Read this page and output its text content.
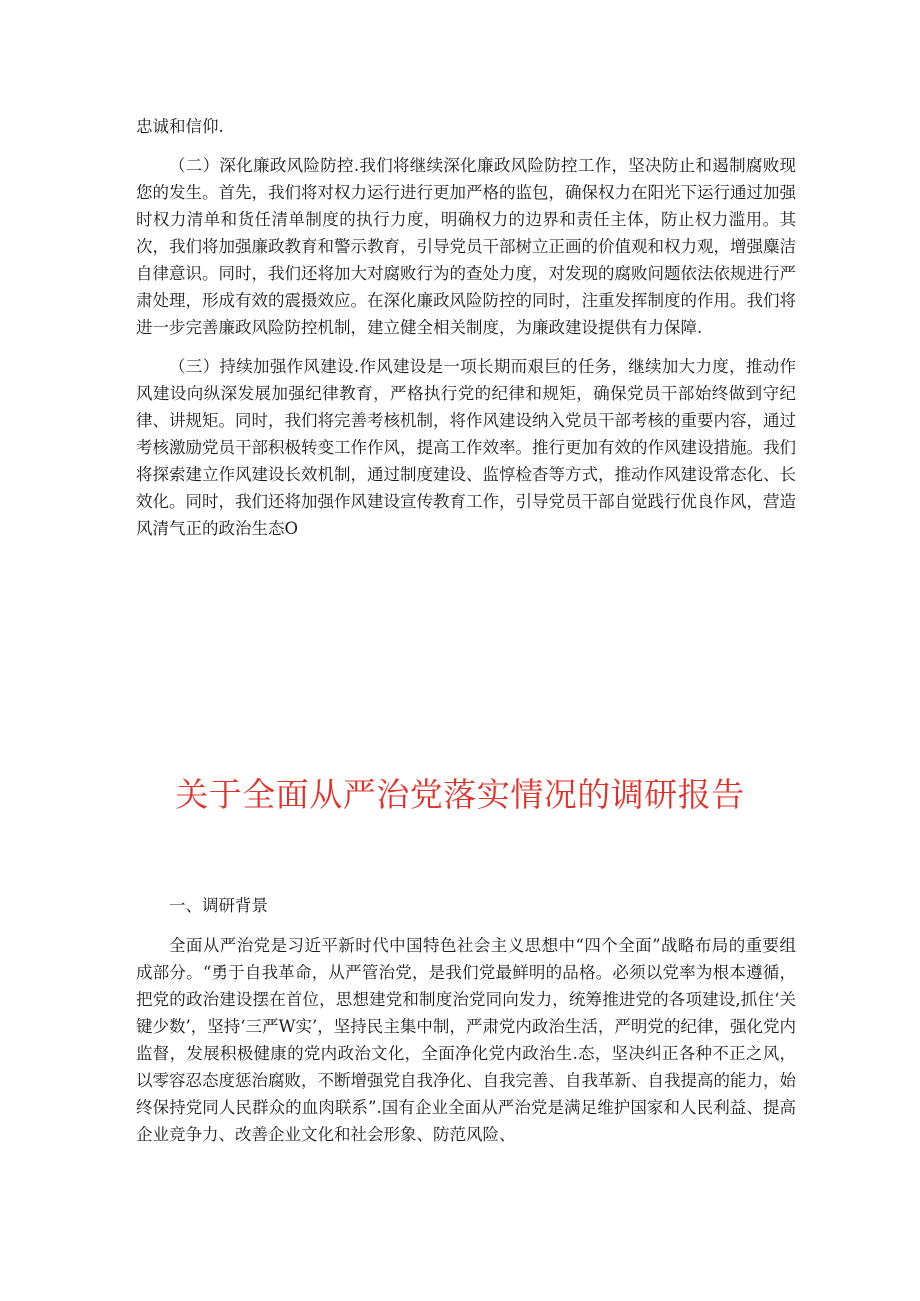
忠诚和信仰.

（二）深化廉政风险防控.我们将继续深化廉政风险防控工作，坚决防止和遏制腐败现您的发生。首先，我们将对权力运行进行更加严格的监包，确保权力在阳光下运行通过加强时权力清单和货任清单制度的执行力度，明确权力的边界和责任主体，防止权力滥用。其次，我们将加强廉政教育和警示教育，引导党员干部树立正画的价值观和权力观，增强麋洁自律意识。同时，我们还将加大对腐败行为的查处力度，对发现的腐败问题依法依规进行严肃处理，形成有效的震摄效应。在深化廉政风险防控的同时，注重发挥制度的作用。我们将进一步完善廉政风险防控机制，建立健全相关制度，为廉政建设提供有力保障.

（三）持续加强作风建设.作风建设是一项长期而艰巨的任务，继续加大力度，推动作风建设向纵深发展加强纪律教育，严格执行党的纪律和规矩，确保党员干部始终做到守纪律、讲规矩。同时，我们将完善考核机制，将作风建设纳入党员干部考核的重要内容，通过考核激励党员干部积极转变工作作风，提高工作效率。推行更加有效的作风建设措施。我们将探索建立作风建设长效机制，通过制度建设、监惇检杳等方式，推动作风建设常态化、长效化。同时，我们还将加强作风建设宣传教育工作，引导党员干部自觉践行优良作风，营造风清气正的政治生态O

关于全面从严治党落实情况的调研报告
一、调研背景

全面从严治党是习近平新时代中国特色社会主义思想中“四个全面”战略布局的重要组成部分。“勇于自我革命，从严管治党，是我们党最鲜明的品格。必须以党率为根本遵循，把党的政治建设摆在首位，思想建党和制度治党同向发力，统筹推进党的各项建设,抓住‘关键少数’，坚持‘三严W实’，坚持民主集中制，严肃党内政治生活，严明党的纪律，强化党内监督，发展积极健康的党内政治文化，全面净化党内政治生.态，坚决纠正各种不正之风，以零容忍态度惩治腐败，不断增强党自我净化、自我完善、自我革新、自我提高的能力，始终保持党同人民群众的血肉联系”.国有企业全面从严治党是满足维护国家和人民利益、提高企业竞争力、改善企业文化和社会形象、防范风险、
